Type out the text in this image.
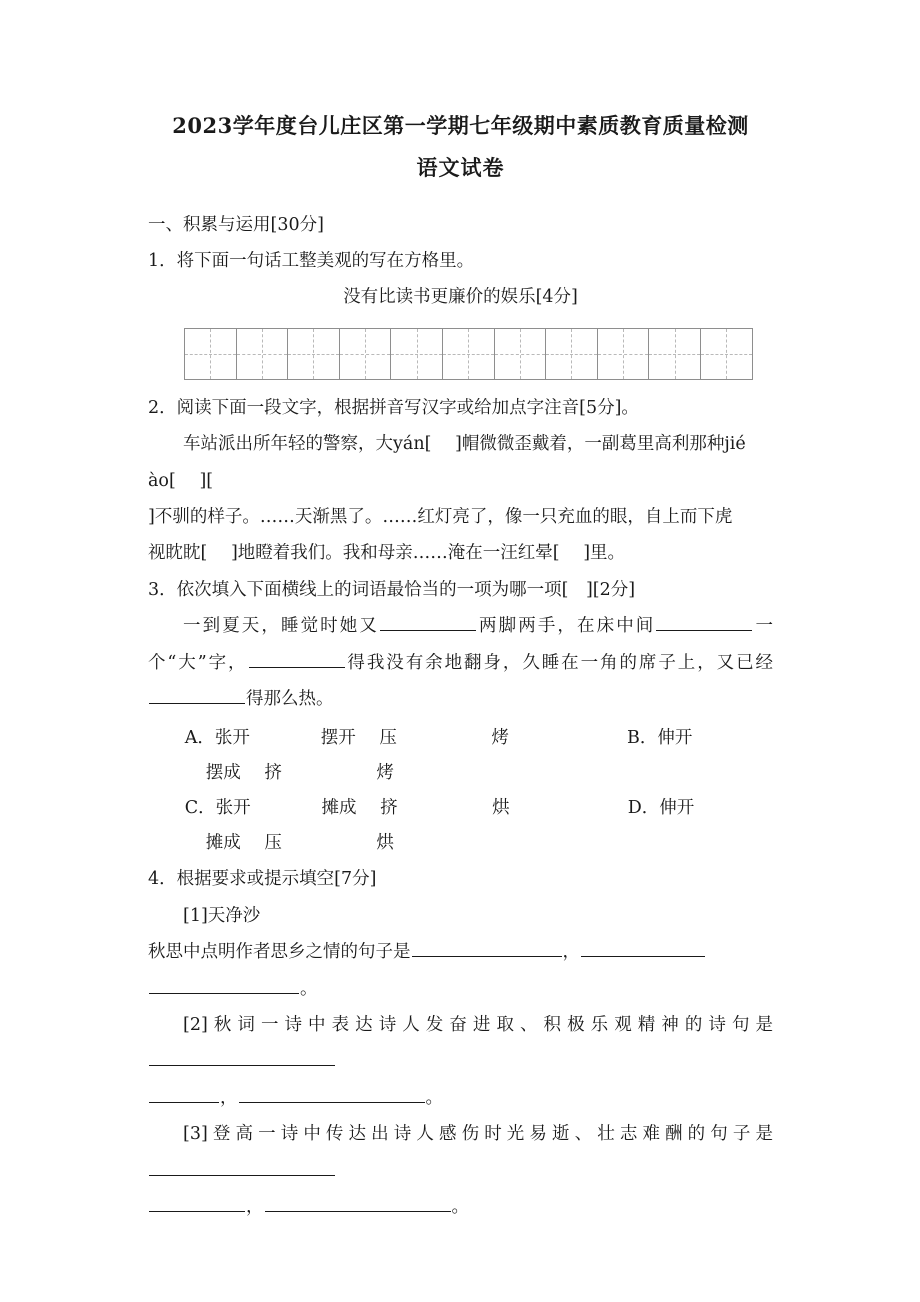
2023学年度台儿庄区第一学期七年级期中素质教育质量检测
语文试卷
一、积累与运用[30分]
1．将下面一句话工整美观的写在方格里。
没有比读书更廉价的娱乐[4分]

2．阅读下面一段文字，根据拼音写汉字或给加点字注音[5分]。
车站派出所年轻的警察，大yán[ ]帽微微歪戴着，一副葛里高利那种jié
ào[ ][
]不驯的样子。……天渐黑了。……红灯亮了，像一只充血的眼，自上而下虎
视眈眈[ ]地瞪着我们。我和母亲……淹在一汪红晕[ ]里。
3．依次填入下面横线上的词语最恰当的一项为哪一项[　][2分]
一到夏天，睡觉时她又	两脚两手，在床中间	一个“大”字，	得我没有余地翻身，久睡在一角的席子上，又已经得那么热。
A．张开	摆开 压	烤	B．伸开
摆成 挤	烤
C．张开	摊成 挤	烘	D．伸开
摊成 压	烘
4．根据要求或提示填空[7分]
[1]天净沙
秋思中点明作者思乡之情的句子是	，
。
[2]秋词一诗中表达诗人发奋进取、积极乐观精神的诗句是
，	。
[3]登高一诗中传达出诗人感伤时光易逝、壮志难酬的句子是
，	。
